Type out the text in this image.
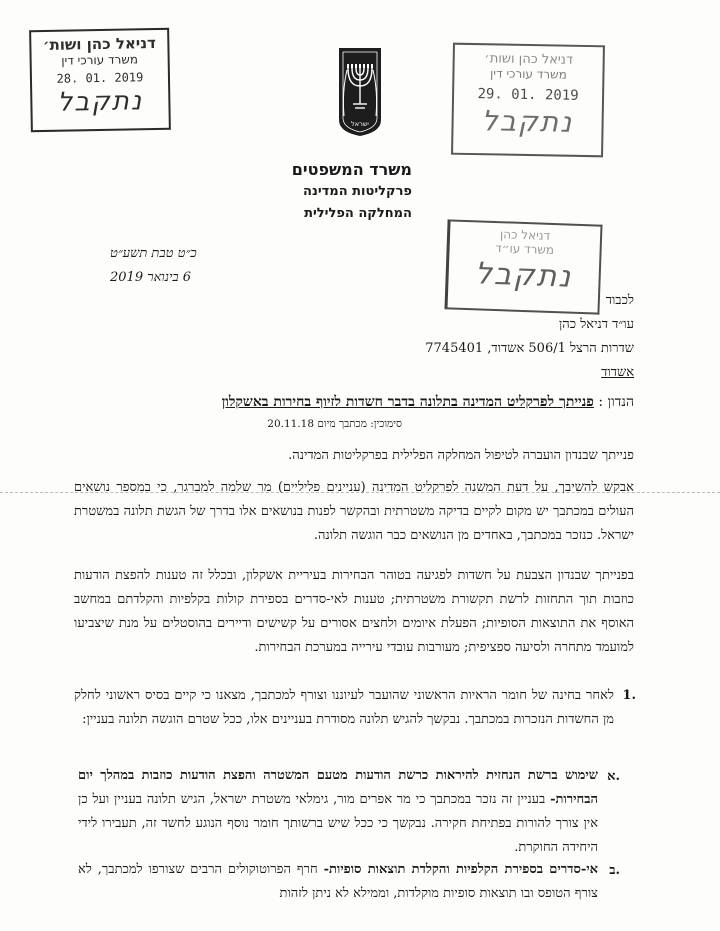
דניאל כהן ושות׳
משרד עורכי דין
28. 01. 2019
נתקבל
דניאל כהן ושות׳
משרד עורכי דין
29. 01. 2019
נתקבל
דניאל כהן
משרד עו״ד
נתקבל
ישראל
משרד המשפטים
פרקליטות המדינה
המחלקה הפלילית
כ״ט טבת תשע״ט
6 בינואר 2019
לכבוד
עו״ד דניאל כהן
שדרות הרצל 506/1 אשדוד, 7745401
אשדוד
הנדון : פנייתך לפרקליט המדינה בתלונה בדבר חשדות לזיוף בחירות באשקלון
סימוכין: מכתבך מיום 20.11.18
פנייתך שבנדון הועברה לטיפול המחלקה הפלילית בפרקליטות המדינה.
אבקש להשיבך, על דעת המשנה לפרקליט המדינה (עניינים פליליים) מר שלמה למברגר, כי במספר נושאים העולים במכתבך יש מקום לקיים בדיקה משטרתית ובהקשר לפנות בנושאים אלו בדרך של הגשת תלונה במשטרת ישראל. כנזכר במכתבך, באחדים מן הנושאים כבר הוגשה תלונה.
בפנייתך שבנדון הצבעת על חשדות לפגיעה בטוהר הבחירות בעיריית אשקלון, ובכלל זה טענות להפצת הודעות כוזבות תוך התחזות לרשת תקשורת משטרתית; טענות לאי-סדרים בספירת קולות בקלפיות והקלדתם במחשב האוסף את התוצאות הסופיות; הפעלת איומים ולחצים אסורים על קשישים ודיירים בהוסטלים על מנת שיצביעו למועמד מתחרה ולסיעה ספציפית; מעורבות עובדי עירייה במערכת הבחירות.
1.
לאחר בחינה של חומר הראיות הראשוני שהועבר לעיוננו וצורף למכתבך, מצאנו כי קיים בסיס ראשוני לחלק מן החשדות הנזכרות במכתבך. נבקשך להגיש תלונה מסודרת בעניינים אלו, ככל שטרם הוגשה תלונה בעניין:
א.
שימוש ברשת הנחזית להיראות כרשת הודעות מטעם המשטרה והפצת הודעות כוזבות במהלך יום הבחירות- בעניין זה נזכר במכתבך כי מר אפרים מור, גימלאי משטרת ישראל, הגיש תלונה בעניין ועל כן אין צורך להורות בפתיחת חקירה. נבקשך כי ככל שיש ברשותך חומר נוסף הנוגע לחשד זה, תעבירו לידי היחידה החוקרת.
ב.
אי-סדרים בספירת הקלפיות והקלדת תוצאות סופיות- חרף הפרוטוקולים הרבים שצורפו למכתבך, לא צורף הטופס ובו תוצאות סופיות מוקלדות, וממילא לא ניתן לזהות
